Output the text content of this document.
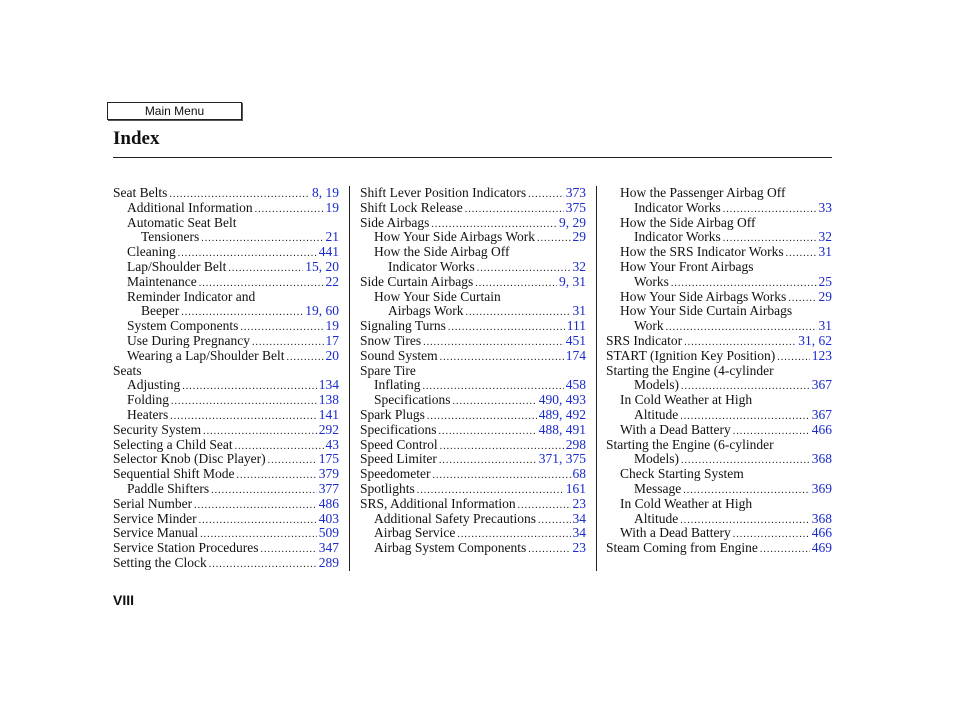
Main Menu
Index
Seat Belts .....	8, 19
Additional Information .....	19
Automatic Seat Belt
Tensioners .....	21
Cleaning .....	441
Lap/Shoulder Belt .....	15, 20
Maintenance .....	22
Reminder Indicator and
Beeper .....	19, 60
System Components .....	19
Use During Pregnancy .....	17
Wearing a Lap/Shoulder Belt .....	20
Seats
Adjusting .....	134
Folding .....	138
Heaters .....	141
Security System .....	292
Selecting a Child Seat .....	43
Selector Knob (Disc Player) .....	175
Sequential Shift Mode .....	379
Paddle Shifters .....	377
Serial Number .....	486
Service Minder .....	403
Service Manual .....	509
Service Station Procedures .....	347
Setting the Clock .....	289
Shift Lever Position Indicators .....	373
Shift Lock Release .....	375
Side Airbags .....	9, 29
How Your Side Airbags Work .....	29
How the Side Airbag Off
Indicator Works .....	32
Side Curtain Airbags .....	9, 31
How Your Side Curtain
Airbags Work .....	31
Signaling Turns .....	111
Snow Tires .....	451
Sound System .....	174
Spare Tire
Inflating .....	458
Specifications .....	490, 493
Spark Plugs .....	489, 492
Specifications .....	488, 491
Speed Control .....	298
Speed Limiter .....	371, 375
Speedometer .....	68
Spotlights .....	161
SRS, Additional Information .....	23
Additional Safety Precautions .....	34
Airbag Service .....	34
Airbag System Components .....	23
How the Passenger Airbag Off
Indicator Works .....	33
How the Side Airbag Off
Indicator Works .....	32
How the SRS Indicator Works .....	31
How Your Front Airbags
Works .....	25
How Your Side Airbags Works ..... 29
How Your Side Curtain Airbags
Work .....	31
SRS Indicator .....	31, 62
START (Ignition Key Position) .....	123
Starting the Engine (4-cylinder
Models) .....	367
In Cold Weather at High
Altitude .....	367
With a Dead Battery .....	466
Starting the Engine (6-cylinder
Models) .....	368
Check Starting System
Message .....	369
In Cold Weather at High
Altitude .....	368
With a Dead Battery .....	466
Steam Coming from Engine .....	469
VIII
